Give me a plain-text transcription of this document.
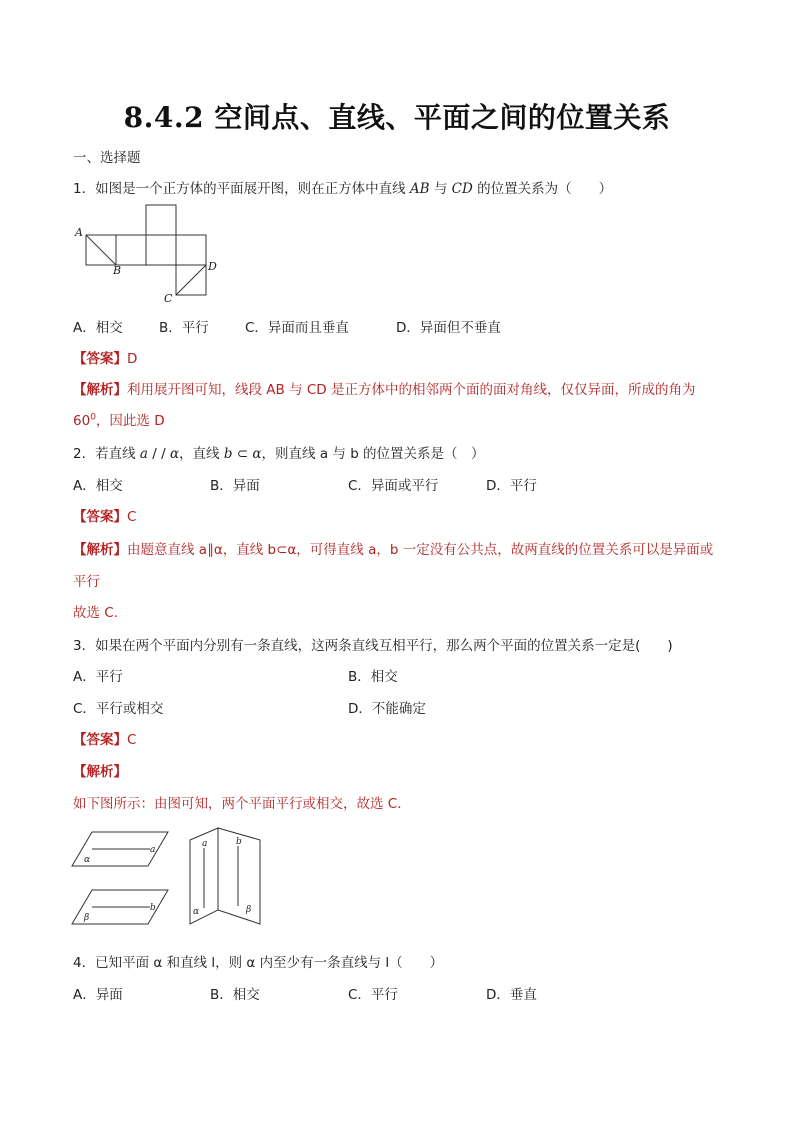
8.4.2 空间点、直线、平面之间的位置关系
一、选择题
1．如图是一个正方体的平面展开图，则在正方体中直线 AB 与 CD 的位置关系为（　　）
A
B
C
D
A．相交	B．平行	C．异面而且垂直	D．异面但不垂直
【答案】D
【解析】利用展开图可知，线段 AB 与 CD 是正方体中的相邻两个面的面对角线，仅仅异面，所成的角为
$60^0$，因此选 D
2．若直线 a / / α，直线 b ⊂ α，则直线 a 与 b 的位置关系是（　）
A．相交	B．异面	C．异面或平行	D．平行
【答案】C
【解析】由题意直线 a∥α，直线 b⊂α，可得直线 a，b 一定没有公共点，故两直线的位置关系可以是异面或
平行
故选 C.
3．如果在两个平面内分别有一条直线，这两条直线互相平行，那么两个平面的位置关系一定是(　　)
A．平行	B．相交
C．平行或相交	D．不能确定
【答案】C
【解析】
如下图所示：由图可知，两个平面平行或相交，故选 C．
α
a
β
b
a	b
α	β
4．已知平面 α 和直线 l，则 α 内至少有一条直线与 l（　　）
A．异面	B．相交	C．平行	D．垂直
